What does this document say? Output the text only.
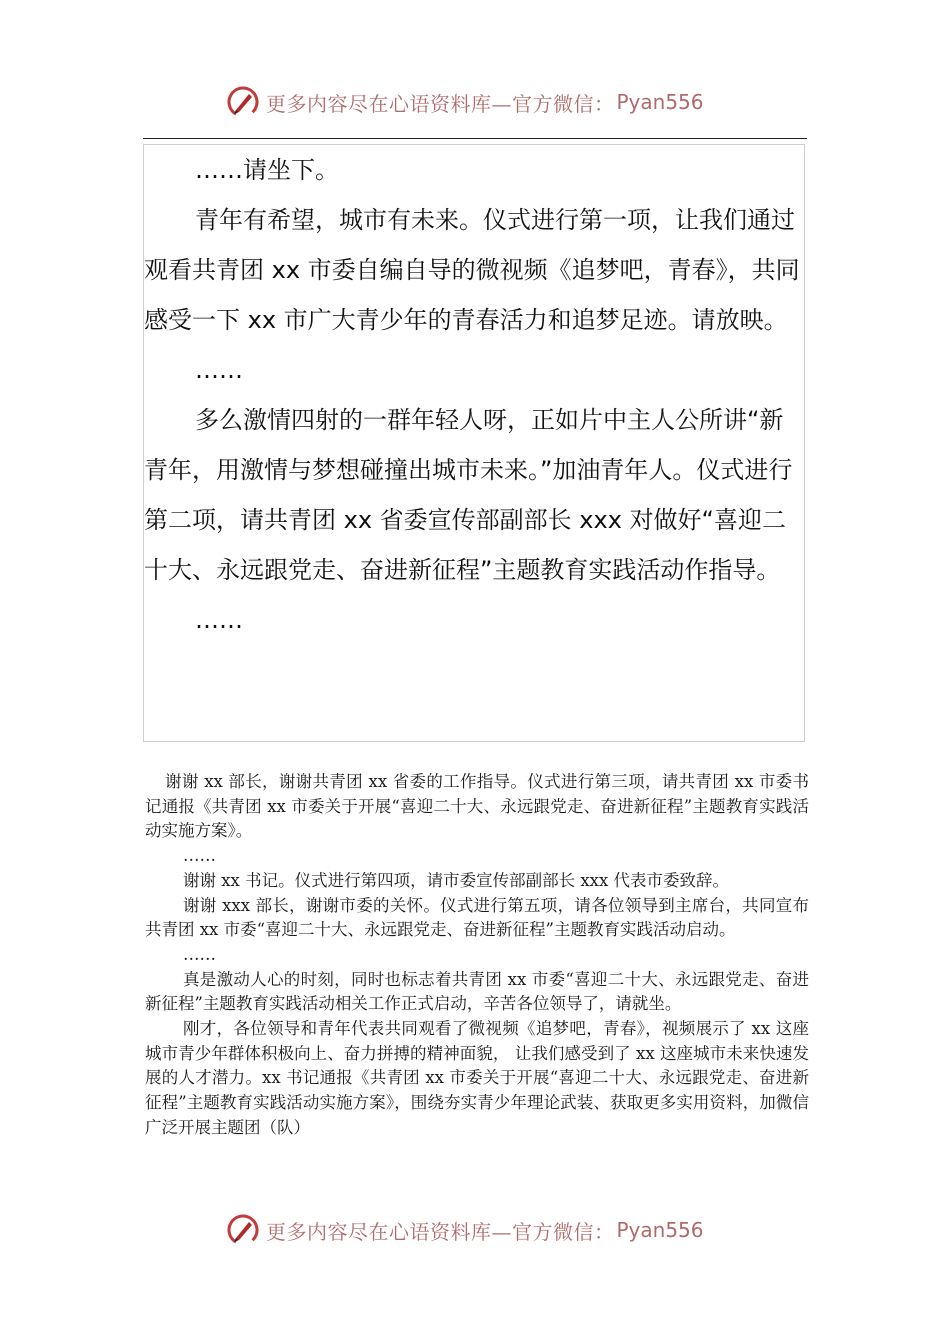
更多内容尽在心语资料库—官方微信： Pyan556

……请坐下。

青年有希望，城市有未来。仪式进行第一项，让我们通过观看共青团 xx 市委自编自导的微视频《追梦吧，青春》，共同感受一下 xx 市广大青少年的青春活力和追梦足迹。请放映。

……

多么激情四射的一群年轻人呀，正如片中主人公所讲“新青年，用激情与梦想碰撞出城市未来。”加油青年人。仪式进行第二项，请共青团 xx 省委宣传部副部长 xxx 对做好“喜迎二十大、永远跟党走、奋进新征程”主题教育实践活动作指导。

……

谢谢 xx 部长，谢谢共青团 xx 省委的工作指导。仪式进行第三项，请共青团 xx 市委书记通报《共青团 xx 市委关于开展“喜迎二十大、永远跟党走、奋进新征程”主题教育实践活动实施方案》。

……

谢谢 xx 书记。仪式进行第四项，请市委宣传部副部长 xxx 代表市委致辞。

谢谢 xxx 部长，谢谢市委的关怀。仪式进行第五项，请各位领导到主席台，共同宣布共青团 xx 市委“喜迎二十大、永远跟党走、奋进新征程”主题教育实践活动启动。

……

真是激动人心的时刻，同时也标志着共青团 xx 市委“喜迎二十大、永远跟党走、奋进新征程”主题教育实践活动相关工作正式启动，辛苦各位领导了，请就坐。

刚才，各位领导和青年代表共同观看了微视频《追梦吧，青春》，视频展示了 xx 这座城市青少年群体积极向上、奋力拼搏的精神面貌， 让我们感受到了 xx 这座城市未来快速发展的人才潜力。xx 书记通报《共青团 xx 市委关于开展“喜迎二十大、永远跟党走、奋进新征程”主题教育实践活动实施方案》，围绕夯实青少年理论武装、获取更多实用资料，加微信广泛开展主题团（队）

更多内容尽在心语资料库—官方微信： Pyan556
